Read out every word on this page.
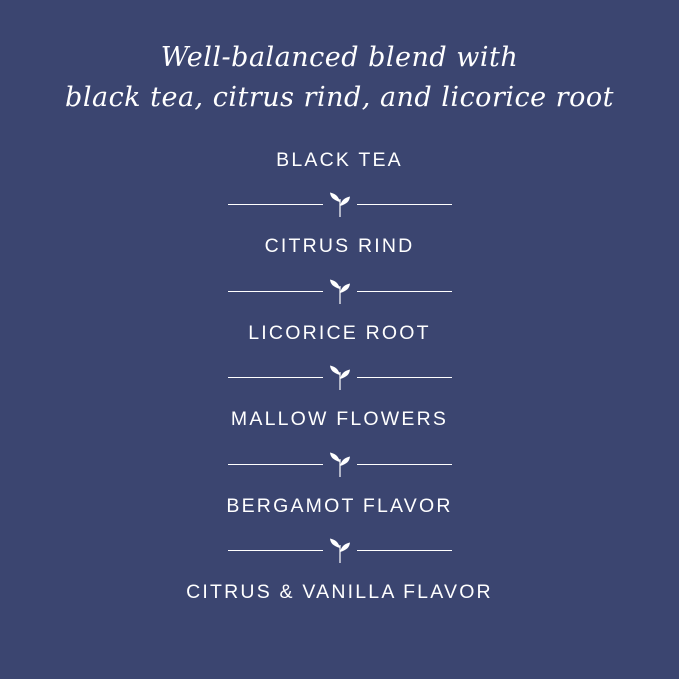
Well-balanced blend with
black tea, citrus rind, and licorice root
BLACK TEA
CITRUS RIND
LICORICE ROOT
MALLOW FLOWERS
BERGAMOT FLAVOR
CITRUS & VANILLA FLAVOR
